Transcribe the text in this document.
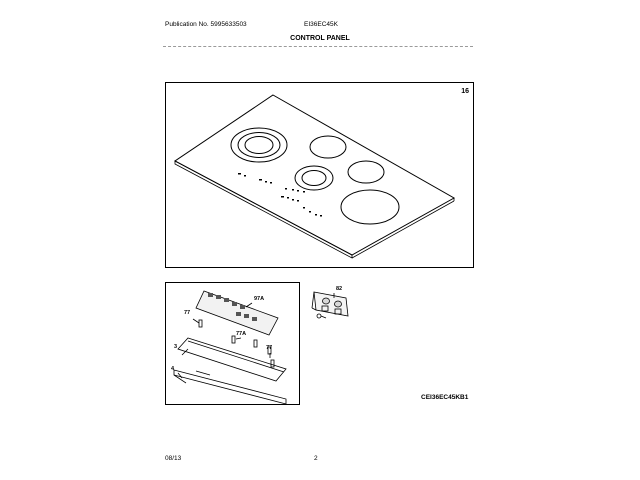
Publication No. 5995633503	EI36EC45K
CONTROL PANEL
16
97A
77
77A
77
3
4
82
CEI36EC45KB1
08/13	2
